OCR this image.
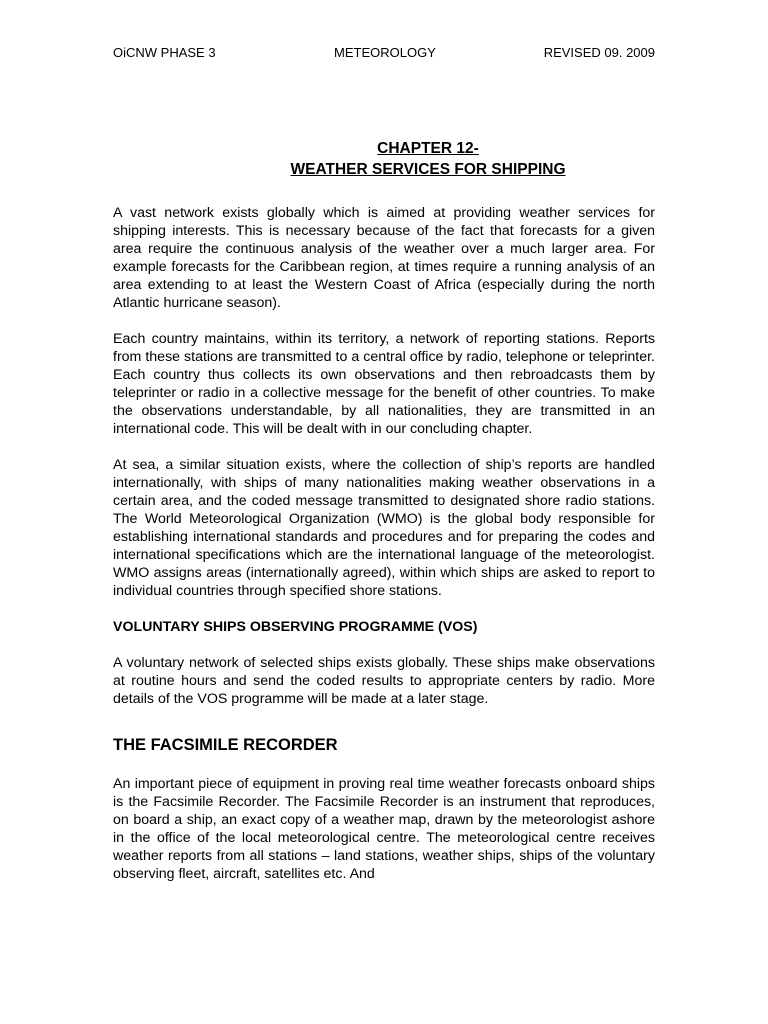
OiCNW PHASE 3	METEOROLOGY	REVISED 09. 2009
CHAPTER 12-
WEATHER SERVICES FOR SHIPPING

A vast network exists globally which is aimed at providing weather services for shipping interests. This is necessary because of the fact that forecasts for a given area require the continuous analysis of the weather over a much larger area. For example forecasts for the Caribbean region, at times require a running analysis of an area extending to at least the Western Coast of Africa (especially during the north Atlantic hurricane season).

Each country maintains, within its territory, a network of reporting stations. Reports from these stations are transmitted to a central office by radio, telephone or teleprinter. Each country thus collects its own observations and then rebroadcasts them by teleprinter or radio in a collective message for the benefit of other countries. To make the observations understandable, by all nationalities, they are transmitted in an international code. This will be dealt with in our concluding chapter.

At sea, a similar situation exists, where the collection of ship’s reports are handled internationally, with ships of many nationalities making weather observations in a certain area, and the coded message transmitted to designated shore radio stations. The World Meteorological Organization (WMO) is the global body responsible for establishing international standards and procedures and for preparing the codes and international specifications which are the international language of the meteorologist. WMO assigns areas (internationally agreed), within which ships are asked to report to individual countries through specified shore stations.

VOLUNTARY SHIPS OBSERVING PROGRAMME (VOS)

A voluntary network of selected ships exists globally. These ships make observations at routine hours and send the coded results to appropriate centers by radio. More details of the VOS programme will be made at a later stage.

THE FACSIMILE RECORDER

An important piece of equipment in proving real time weather forecasts onboard ships is the Facsimile Recorder. The Facsimile Recorder is an instrument that reproduces, on board a ship, an exact copy of a weather map, drawn by the meteorologist ashore in the office of the local meteorological centre. The meteorological centre receives weather reports from all stations – land stations, weather ships, ships of the voluntary observing fleet, aircraft, satellites etc. And
